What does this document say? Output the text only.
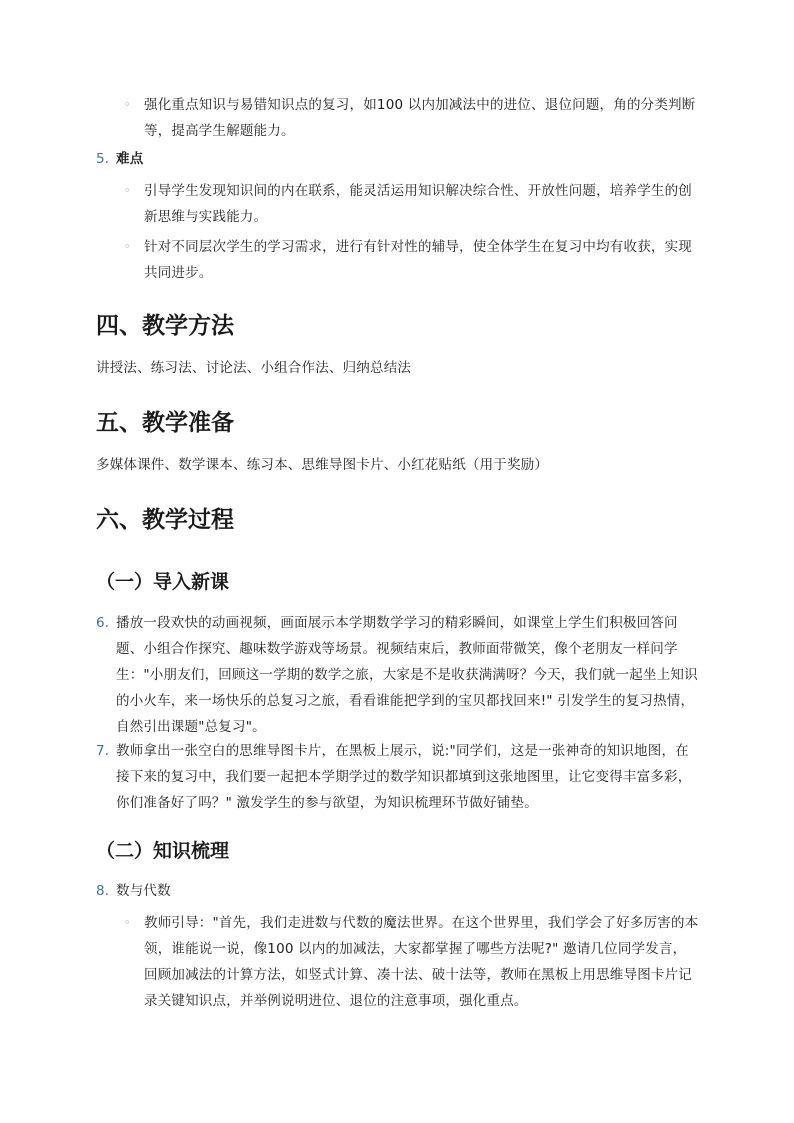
◦ 强化重点知识与易错知识点的复习，如100 以内加减法中的进位、退位问题，角的分类判断等，提高学生解题能力。
5. 难点
◦ 引导学生发现知识间的内在联系，能灵活运用知识解决综合性、开放性问题，培养学生的创新思维与实践能力。
◦ 针对不同层次学生的学习需求，进行有针对性的辅导，使全体学生在复习中均有收获，实现共同进步。
四、教学方法
讲授法、练习法、讨论法、小组合作法、归纳总结法
五、教学准备
多媒体课件、数学课本、练习本、思维导图卡片、小红花贴纸（用于奖励）
六、教学过程
（一）导入新课
6. 播放一段欢快的动画视频，画面展示本学期数学学习的精彩瞬间，如课堂上学生们积极回答问题、小组合作探究、趣味数学游戏等场景。视频结束后，教师面带微笑，像个老朋友一样问学生："小朋友们，回顾这一学期的数学之旅，大家是不是收获满满呀？今天，我们就一起坐上知识的小火车，来一场快乐的总复习之旅，看看谁能把学到的宝贝都找回来!" 引发学生的复习热情，自然引出课题"总复习"。
7. 教师拿出一张空白的思维导图卡片，在黑板上展示，说:"同学们，这是一张神奇的知识地图，在接下来的复习中，我们要一起把本学期学过的数学知识都填到这张地图里，让它变得丰富多彩，你们准备好了吗？" 激发学生的参与欲望，为知识梳理环节做好铺垫。
（二）知识梳理
8. 数与代数
◦ 教师引导："首先，我们走进数与代数的魔法世界。在这个世界里，我们学会了好多厉害的本领，谁能说一说，像100 以内的加减法，大家都掌握了哪些方法呢?" 邀请几位同学发言，回顾加减法的计算方法，如竖式计算、凑十法、破十法等，教师在黑板上用思维导图卡片记录关键知识点，并举例说明进位、退位的注意事项，强化重点。
